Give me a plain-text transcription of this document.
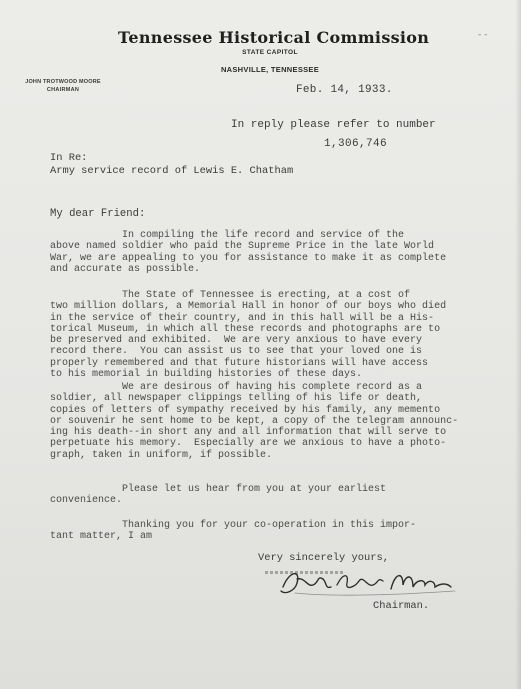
Tennessee Historical Commission
STATE CAPITOL
NASHVILLE, TENNESSEE
JOHN TROTWOOD MOORE
CHAIRMAN
- -
Feb. 14, 1933.
In reply please refer to number
1,306,746
In Re:
Army service record of Lewis E. Chatham
My dear Friend:
In compiling the life record and service of the
above named soldier who paid the Supreme Price in the late World
War, we are appealing to you for assistance to make it as complete
and accurate as possible.
The State of Tennessee is erecting, at a cost of
two million dollars, a Memorial Hall in honor of our boys who died
in the service of their country, and in this hall will be a His-
torical Museum, in which all these records and photographs are to
be preserved and exhibited.  We are very anxious to have every
record there.  You can assist us to see that your loved one is
properly remembered and that future historians will have access
to his memorial in building histories of these days.
We are desirous of having his complete record as a
soldier, all newspaper clippings telling of his life or death,
copies of letters of sympathy received by his family, any memento
or souvenir he sent home to be kept, a copy of the telegram announc-
ing his death--in short any and all information that will serve to
perpetuate his memory.  Especially are we anxious to have a photo-
graph, taken in uniform, if possible.
Please let us hear from you at your earliest
convenience.
Thanking you for your co-operation in this impor-
tant matter, I am
Very sincerely yours,
Chairman.
